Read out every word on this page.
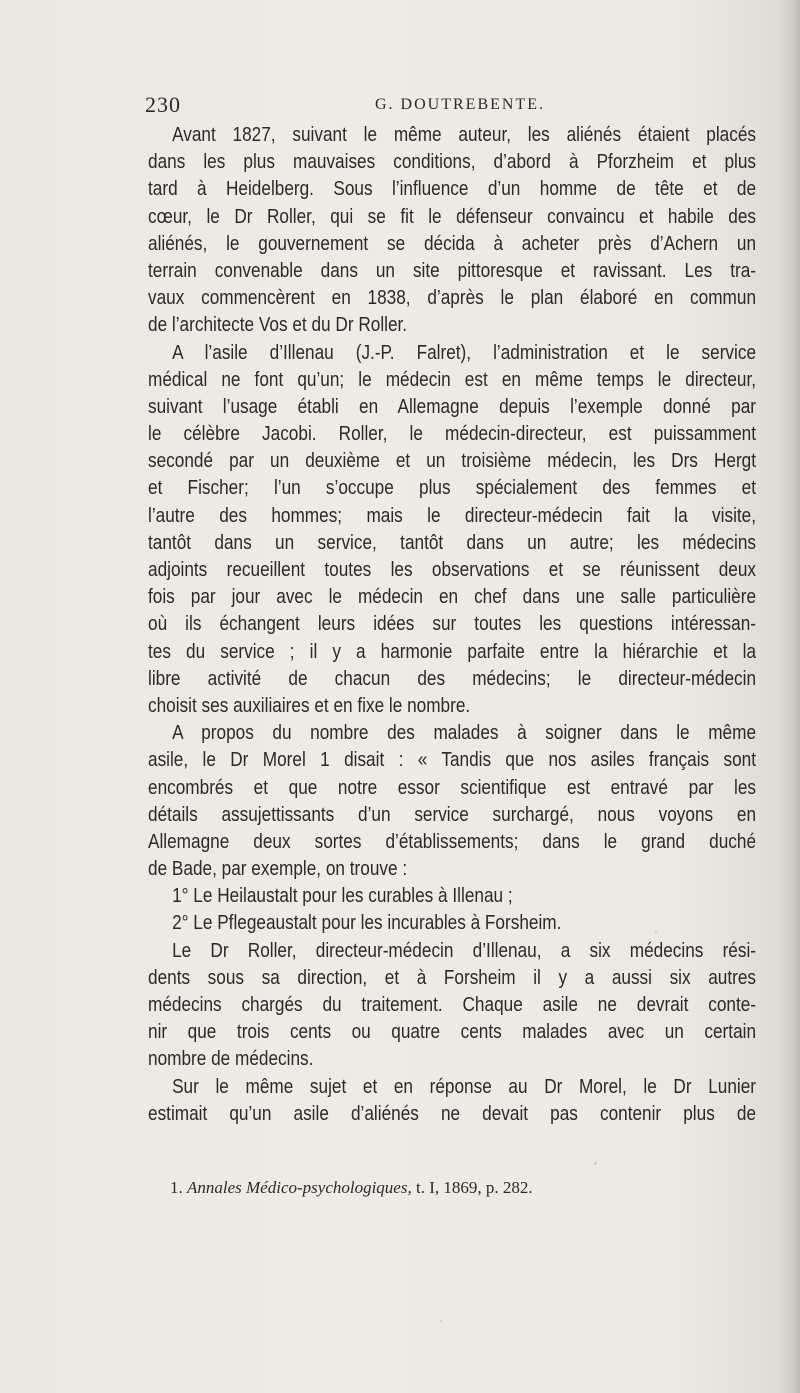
230	G. DOUTREBENTE.
Avant 1827, suivant le même auteur, les aliénés étaient placés
dans les plus mauvaises conditions, d’abord à Pforzheim et plus
tard à Heidelberg. Sous l’influence d’un homme de tête et de
cœur, le Dr Roller, qui se fit le défenseur convaincu et habile des
aliénés, le gouvernement se décida à acheter près d’Achern un
terrain convenable dans un site pittoresque et ravissant. Les tra-
vaux commencèrent en 1838, d’après le plan élaboré en commun
de l’architecte Vos et du Dr Roller.
A l’asile d’Illenau (J.-P. Falret), l’administration et le service
médical ne font qu’un; le médecin est en même temps le directeur,
suivant l’usage établi en Allemagne depuis l’exemple donné par
le célèbre Jacobi. Roller, le médecin-directeur, est puissamment
secondé par un deuxième et un troisième médecin, les Drs Hergt
et Fischer; l’un s’occupe plus spécialement des femmes et
l’autre des hommes; mais le directeur-médecin fait la visite,
tantôt dans un service, tantôt dans un autre; les médecins
adjoints recueillent toutes les observations et se réunissent deux
fois par jour avec le médecin en chef dans une salle particulière
où ils échangent leurs idées sur toutes les questions intéressan-
tes du service ; il y a harmonie parfaite entre la hiérarchie et la
libre activité de chacun des médecins; le directeur-médecin
choisit ses auxiliaires et en fixe le nombre.
A propos du nombre des malades à soigner dans le même
asile, le Dr Morel 1 disait : « Tandis que nos asiles français sont
encombrés et que notre essor scientifique est entravé par les
détails assujettissants d’un service surchargé, nous voyons en
Allemagne deux sortes d’établissements; dans le grand duché
de Bade, par exemple, on trouve :
1° Le Heilaustalt pour les curables à Illenau ;
2° Le Pflegeaustalt pour les incurables à Forsheim.
Le Dr Roller, directeur-médecin d’Illenau, a six médecins rési-
dents sous sa direction, et à Forsheim il y a aussi six autres
médecins chargés du traitement. Chaque asile ne devrait conte-
nir que trois cents ou quatre cents malades avec un certain
nombre de médecins.
Sur le même sujet et en réponse au Dr Morel, le Dr Lunier
estimait qu’un asile d’aliénés ne devait pas contenir plus de
1. Annales Médico-psychologiques, t. I, 1869, p. 282.
